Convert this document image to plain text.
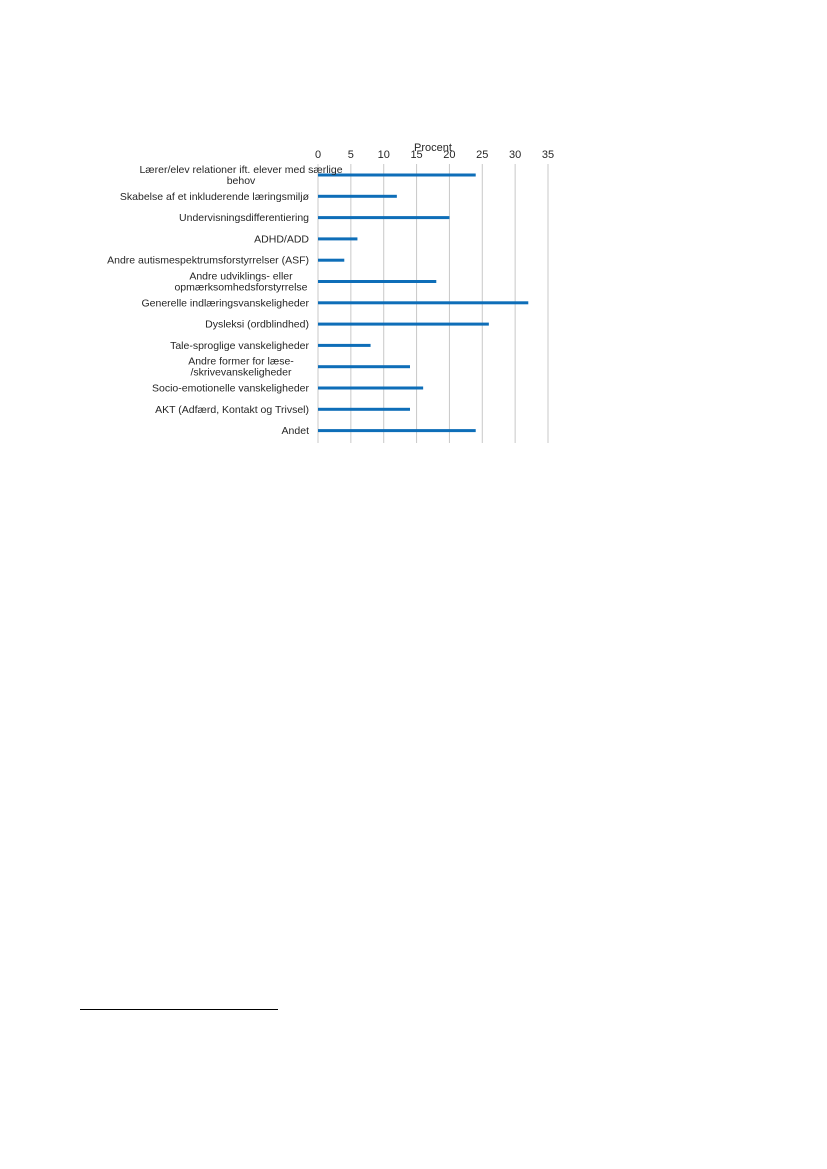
Procent
0 5 10 15 20 25 30 35
Lærer/elev relationer ift. elever med særlige behov
Skabelse af et inkluderende læringsmiljø
Undervisningsdifferentiering
ADHD/ADD
Andre autismespektrumsforstyrrelser (ASF)
Andre udviklings- eller opmærksomhedsforstyrrelse
Generelle indlæringsvanskeligheder
Dysleksi (ordblindhed)
Tale-sproglige vanskeligheder
Andre former for læse-/skrivevanskeligheder
Socio-emotionelle vanskeligheder
AKT (Adfærd, Kontakt og Trivsel)
Andet
